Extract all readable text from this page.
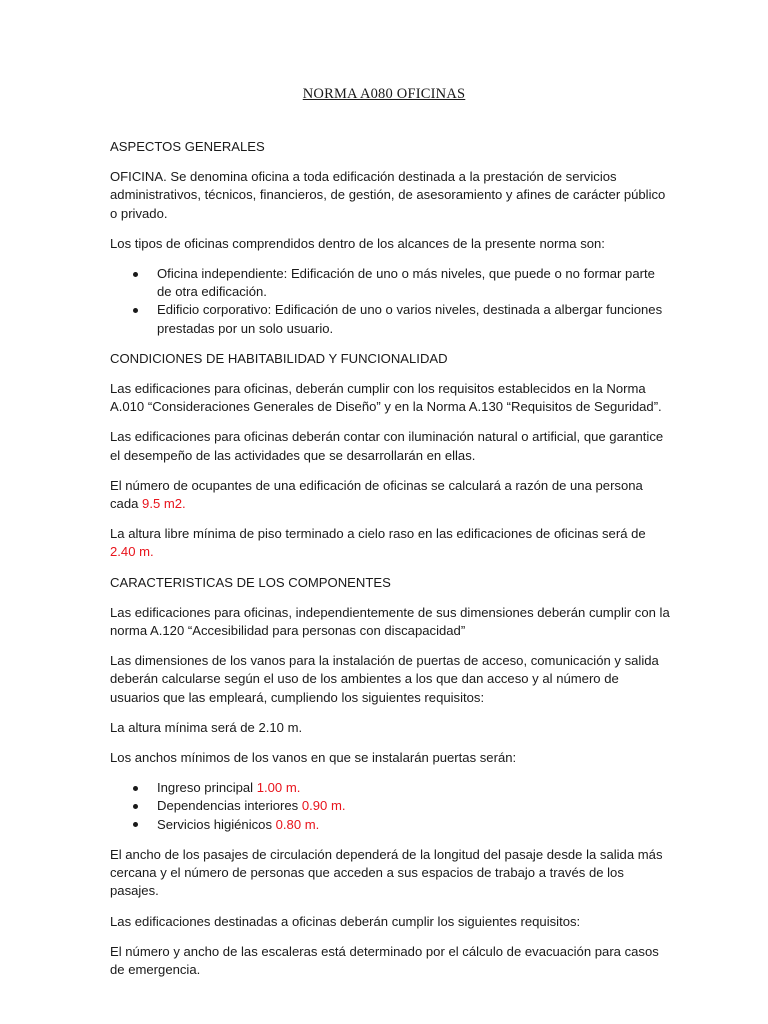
NORMA A080 OFICINAS
ASPECTOS GENERALES

OFICINA. Se denomina oficina a toda edificación destinada a la prestación de servicios administrativos, técnicos, financieros, de gestión, de asesoramiento y afines de carácter público o privado.

Los tipos de oficinas comprendidos dentro de los alcances de la presente norma son:

Oficina independiente: Edificación de uno o más niveles, que puede o no formar parte de otra edificación.
Edificio corporativo: Edificación de uno o varios niveles, destinada a albergar funciones prestadas por un solo usuario.
CONDICIONES DE HABITABILIDAD Y FUNCIONALIDAD

Las edificaciones para oficinas, deberán cumplir con los requisitos establecidos en la Norma A.010 “Consideraciones Generales de Diseño” y en la Norma A.130 “Requisitos de Seguridad”.

Las edificaciones para oficinas deberán contar con iluminación natural o artificial, que garantice el desempeño de las actividades que se desarrollarán en ellas.

El número de ocupantes de una edificación de oficinas se calculará a razón de una persona cada 9.5 m2.

La altura libre mínima de piso terminado a cielo raso en las edificaciones de oficinas será de 2.40 m.

CARACTERISTICAS DE LOS COMPONENTES

Las edificaciones para oficinas, independientemente de sus dimensiones deberán cumplir con la norma A.120 “Accesibilidad para personas con discapacidad”

Las dimensiones de los vanos para la instalación de puertas de acceso, comunicación y salida deberán calcularse según el uso de los ambientes a los que dan acceso y al número de usuarios que las empleará, cumpliendo los siguientes requisitos:

La altura mínima será de 2.10 m.

Los anchos mínimos de los vanos en que se instalarán puertas serán:

Ingreso principal 1.00 m.
Dependencias interiores 0.90 m.
Servicios higiénicos 0.80 m.

El ancho de los pasajes de circulación dependerá de la longitud del pasaje desde la salida más cercana y el número de personas que acceden a sus espacios de trabajo a través de los pasajes.

Las edificaciones destinadas a oficinas deberán cumplir los siguientes requisitos:

El número y ancho de las escaleras está determinado por el cálculo de evacuación para casos de emergencia.
